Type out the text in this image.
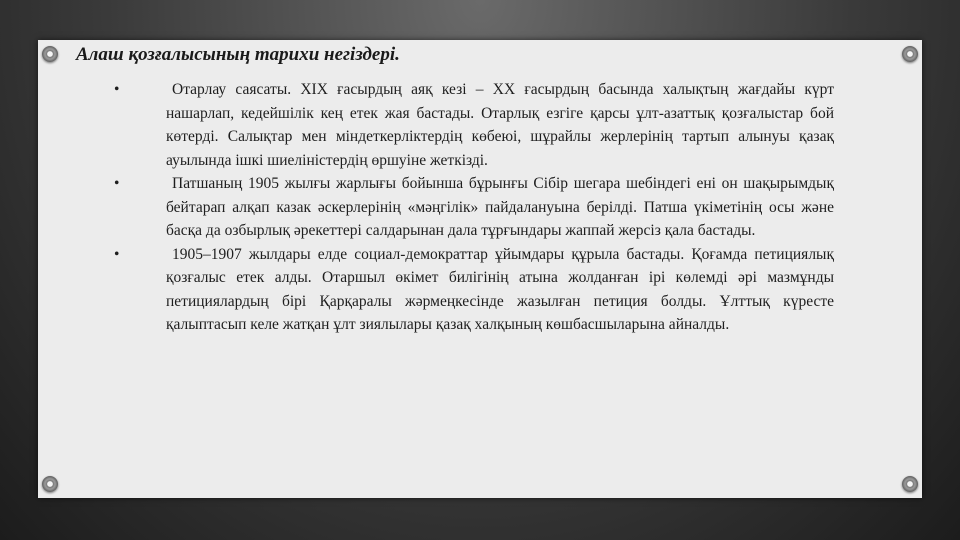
Алаш қозғалысының тарихи негіздері.
•	Отарлау саясаты. XIX ғасырдың аяқ кезі – XX ғасырдың басында халықтың жағдайы күрт нашарлап, кедейшілік кең етек жая бастады. Отарлық езгіге қарсы ұлт-азаттық қозғалыстар бой көтерді. Салықтар мен міндеткерліктердің көбеюі, шұрайлы жерлерінің тартып алынуы қазақ ауылында ішкі шиеліністердің өршуіне жеткізді.
•	Патшаның 1905 жылғы жарлығы бойынша бұрынғы Сібір шегара шебіндегі ені он шақырымдық бейтарап алқап казак әскерлерінің «мәңгілік» пайдалануына берілді. Патша үкіметінің осы және басқа да озбырлық әрекеттері салдарынан дала тұрғындары жаппай жерсіз қала бастады.
•	1905–1907 жылдары елде социал-демократтар ұйымдары құрыла бастады. Қоғамда петициялық қозғалыс етек алды. Отаршыл өкімет билігінің атына жолданған ірі көлемді әрі мазмұнды петициялардың бірі Қарқаралы жәрмеңкесінде жазылған петиция болды. Ұлттық күресте қалыптасып келе жатқан ұлт зиялылары қазақ халқының көшбасшыларына айналды.
